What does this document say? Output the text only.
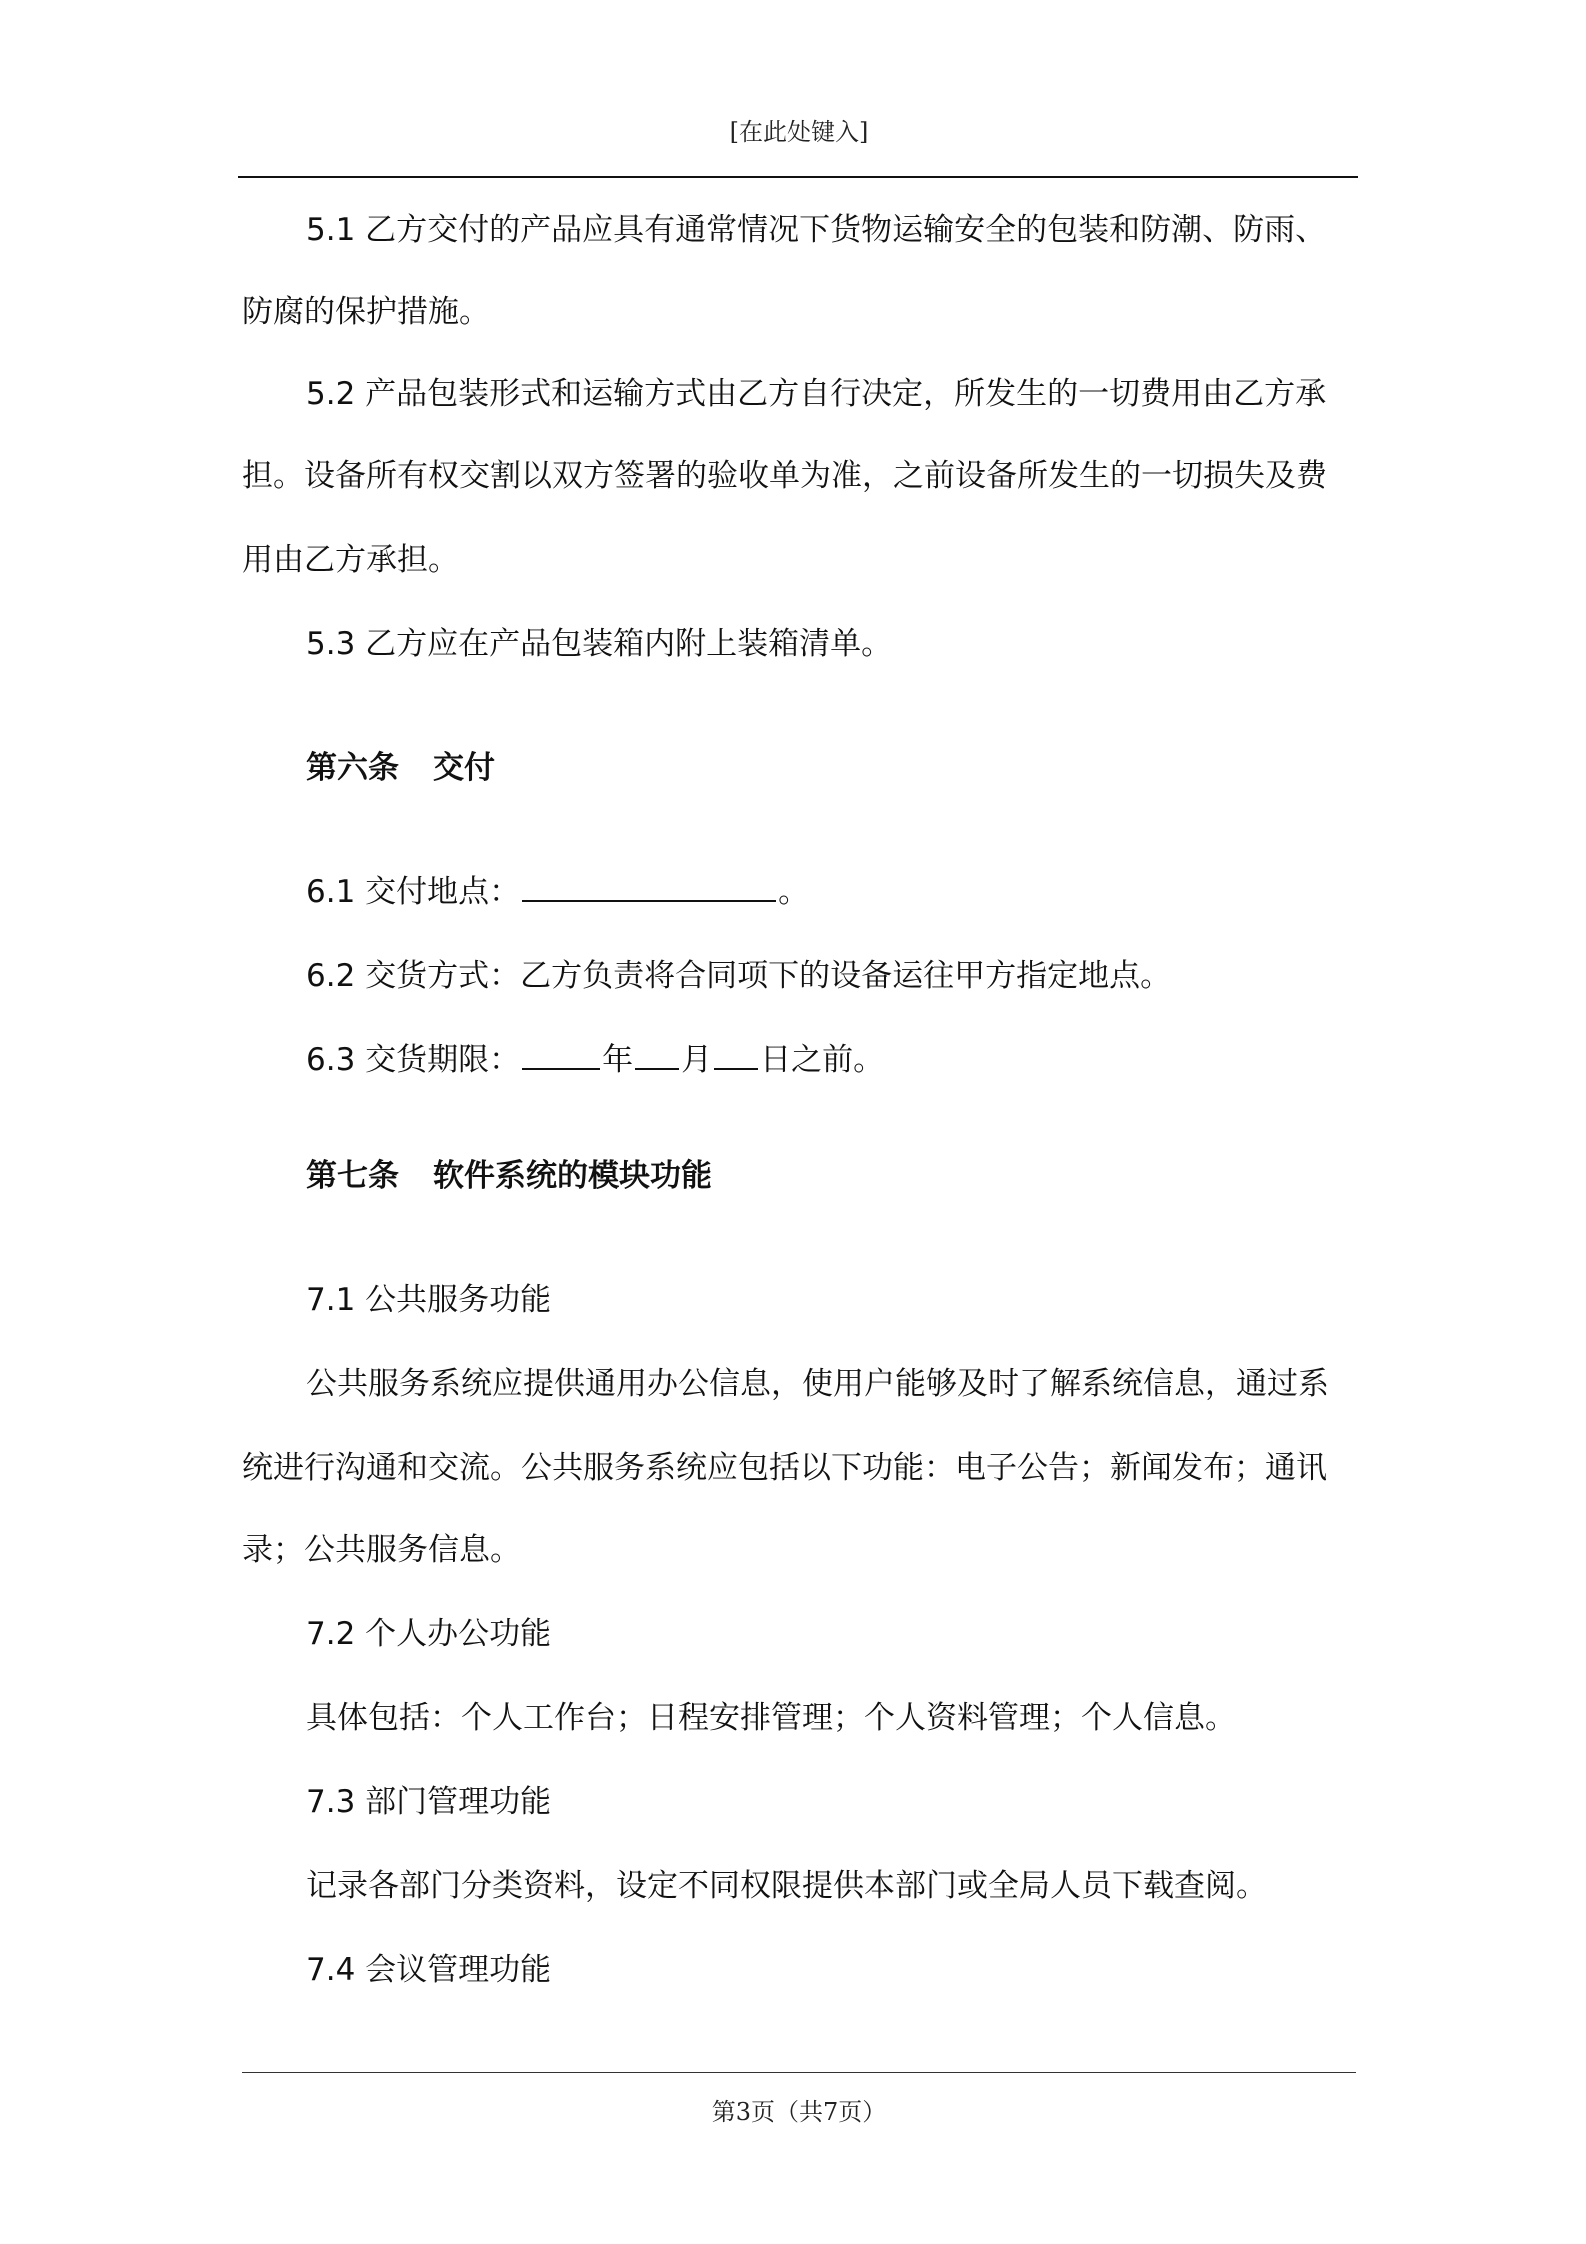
[在此处键入]
5.1 乙方交付的产品应具有通常情况下货物运输安全的包装和防潮、防雨、
防腐的保护措施。
5.2 产品包装形式和运输方式由乙方自行决定，所发生的一切费用由乙方承
担。设备所有权交割以双方签署的验收单为准，之前设备所发生的一切损失及费
用由乙方承担。
5.3 乙方应在产品包装箱内附上装箱清单。
第六条 交付
6.1 交付地点：	。
6.2 交货方式：乙方负责将合同项下的设备运往甲方指定地点。
6.3 交货期限：	年 月 日之前。
第七条 软件系统的模块功能
7.1 公共服务功能
公共服务系统应提供通用办公信息，使用户能够及时了解系统信息，通过系
统进行沟通和交流。公共服务系统应包括以下功能：电子公告；新闻发布；通讯
录；公共服务信息。
7.2 个人办公功能
具体包括：个人工作台；日程安排管理；个人资料管理；个人信息。
7.3 部门管理功能
记录各部门分类资料，设定不同权限提供本部门或全局人员下载查阅。
7.4 会议管理功能
第3页（共7页）
